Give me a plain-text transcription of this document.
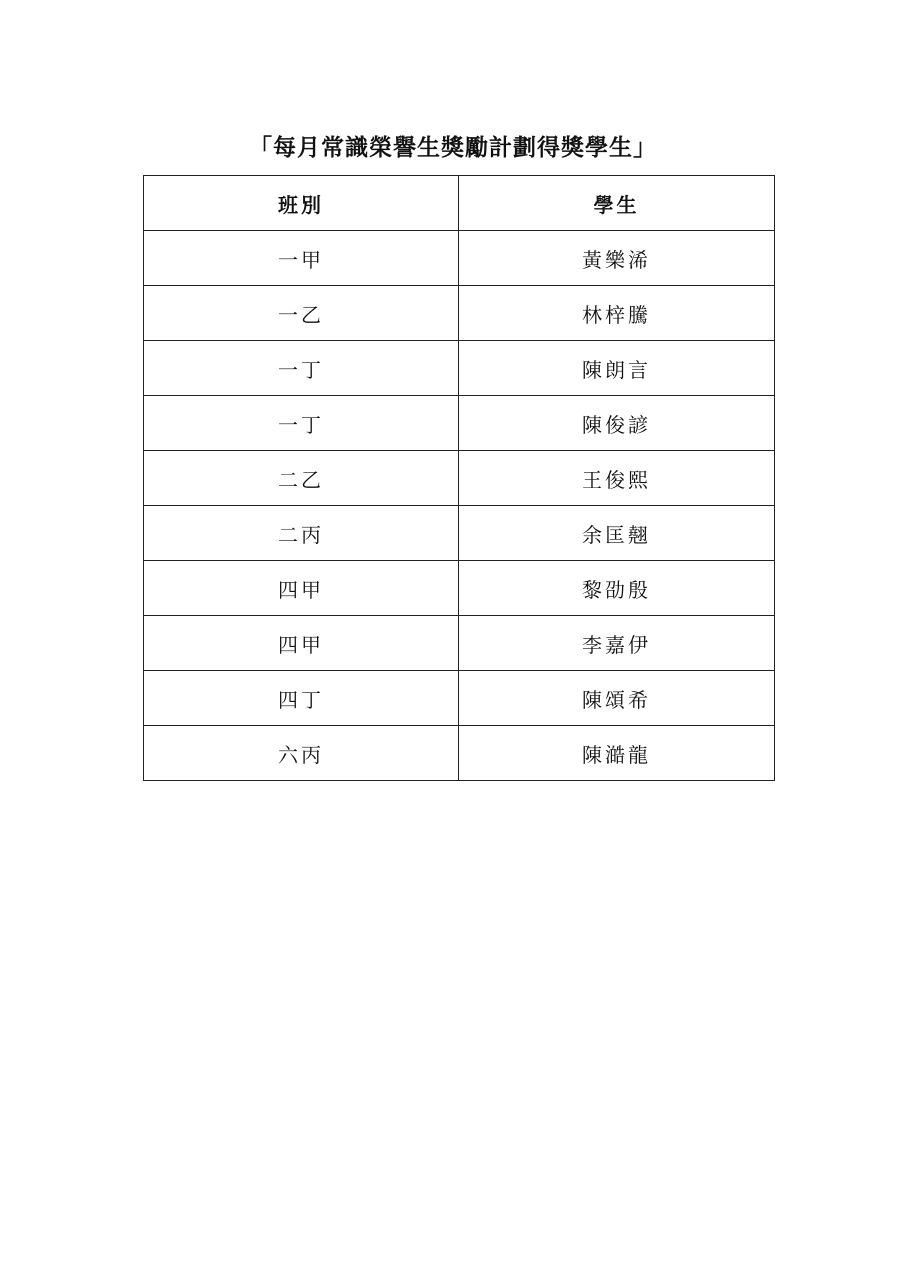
「每月常識榮譽生獎勵計劃得獎學生」
班別	學生
一甲	黃樂浠
一乙	林梓騰
一丁	陳朗言
一丁	陳俊諺
二乙	王俊熙
二丙	余匡翹
四甲	黎劭殷
四甲	李嘉伊
四丁	陳頌希
六丙	陳澔龍
